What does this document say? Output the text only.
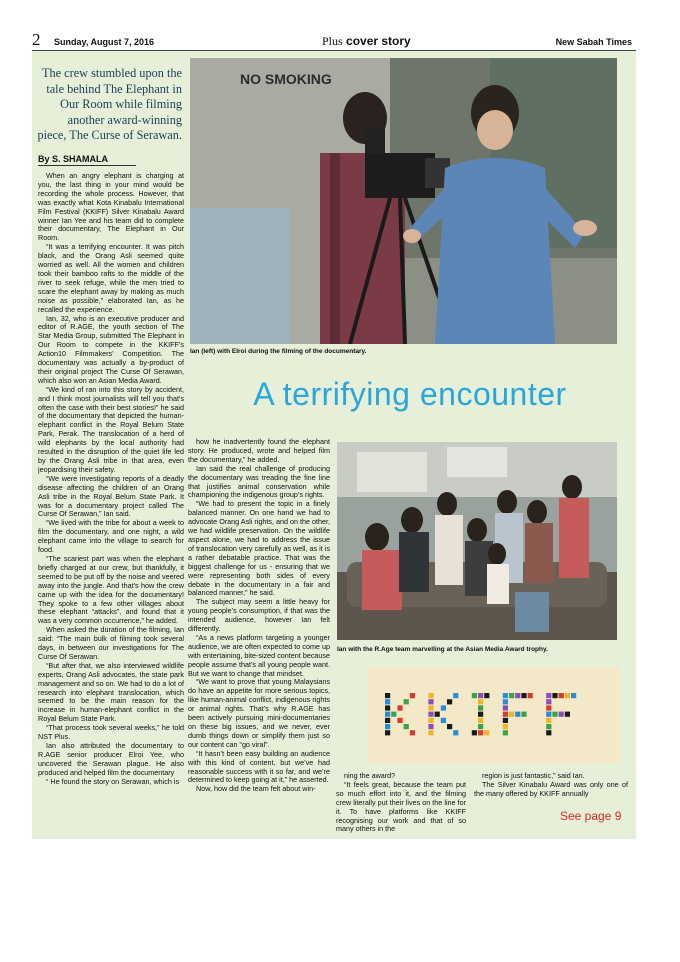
2 Sunday, August 7, 2016	Plus cover story	New Sabah Times
The crew stumbled upon the tale behind The Elephant in Our Room while filming another award-winning piece, The Curse of Serawan.
By S. SHAMALA

When an angry elephant is charging at you, the last thing in your mind would be recording the whole process. However, that was exactly what Kota Kinabalu International Film Festival (KKIFF) Silver Kinabalu Award winner Ian Yee and his team did to complete their documentary, The Elephant in Our Room.

“It was a terrifying encounter. It was pitch black, and the Orang Asli seemed quite worried as well. All the women and children took their bamboo rafts to the middle of the river to seek refuge, while the men tried to scare the elephant away by making as much noise as possible,” elaborated Ian, as he recalled the experience.

Ian, 32, who is an executive producer and editor of R.AGE, the youth section of The Star Media Group, submitted The Elephant in Our Room to compete in the KKIFF’s Action10 Filmmakers’ Competition. The documentary was actually a by-product of their original project The Curse Of Serawan, which also won an Asian Media Award.

“We kind of ran into this story by accident, and I think most journalists will tell you that’s often the case with their best stories!” he said of the documentary that depicted the human-elephant conflict in the Royal Belum State Park, Perak. The translocation of a herd of wild elephants by the local authority had resulted in the disruption of the quiet life led by the Orang Asli tribe in that area, even jeopardising their safety.

“We were investigating reports of a deadly disease affecting the children of an Orang Asli tribe in the Royal Belum State Park. It was for a documentary project called The Curse Of Serawan,” Ian said.

“We lived with the tribe for about a week to film the documentary, and one night, a wild elephant came into the village to search for food.

“The scariest part was when the elephant briefly charged at our crew, but thankfully, it seemed to be put off by the noise and veered away into the jungle. And that’s how the crew came up with the idea for the documentary! They spoke to a few other villages about these elephant “attacks”, and found that it was a very common occurrence,” he added.

When asked the duration of the filming, Ian said: “The main bulk of filming took several days, in between our investigations for The Curse Of Serawan.

“But after that, we also interviewed wildlife experts, Orang Asli advocates, the state park management and so on. We had to do a lot of research into elephant translocation, which seemed to be the main reason for the increase in human-elephant conflict in the Royal Belum State Park.

“That process took several weeks,” he told NST Plus.

Ian also attributed the documentary to R.AGE senior producer Elroi Yee, who uncovered the Serawan plague. He also produced and helped film the documentary

“ He found the story on Serawan, which is

NO SMOKING
Ian (left) with Elroi during the filming of the documentary.
A terrifying encounter

how he inadvertently found the elephant story. He produced, wrote and helped film the documentary,” he added.

Ian said the real challenge of producing the documentary was treading the fine line that justifies animal conservation while championing the indigenous group’s rights.

“We had to present the topic in a finely balanced manner. On one hand we had to advocate Orang Asli rights, and on the other, we had wildlife preservation. On the wildlife aspect alone, we had to address the issue of translocation very carefully as well, as it is a rather debatable practice. That was the biggest challenge for us - ensuring that we were representing both sides of every debate in the documentary in a fair and balanced manner,” he said.

The subject may seem a little heavy for young people’s consumption, if that was the intended audience, however Ian felt differently.

“As a news platform targeting a younger audience, we are often expected to come up with entertaining, bite-sized content because people assume that’s all young people want. But we want to change that mindset.

“We want to prove that young Malaysians do have an appetite for more serious topics, like human-animal conflict, indigenous rights or animal rights. That’s why R.AGE has been actively pursuing mini-documentaries on these big issues, and we never, ever dumb things down or simplify them just so our content can “go viral”.

“It hasn’t been easy building an audience with this kind of content, but we’ve had reasonable success with it so far, and we’re determined to keep going at it,” he asserted.

Now, how did the team felt about win-

Ian with the R.Age team marvelling at the Asian Media Award trophy.

ning the award?

“It feels great, because the team put so much effort into it, and the filming crew literally put their lives on the line for it. To have platforms like KKIFF recognising our work and that of so many others in the

region is just fantastic,” said Ian.

The Silver Kinabalu Award was only one of the many offered by KKIFF annually

See page 9
